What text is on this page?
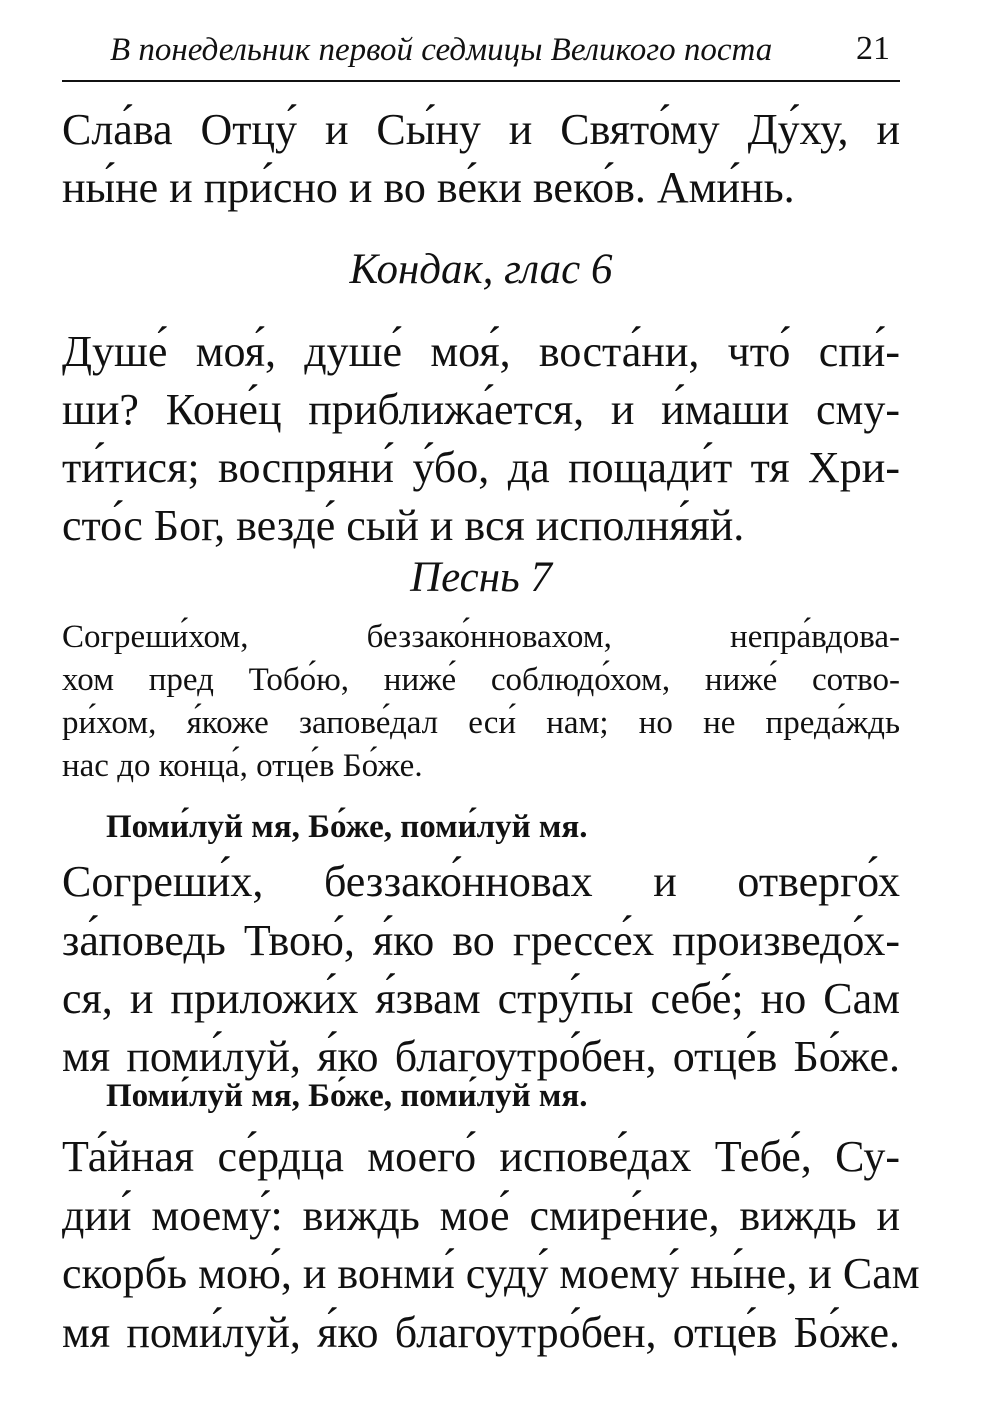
В понедельник первой седмицы Великого поста 21
Сла́ва Отцу́ и Сы́ну и Свято́му Ду́ху, и
ны́не и при́сно и во ве́ки веко́в. Ами́нь.
Кондак, глас 6
Душе́ моя́, душе́ моя́, воста́ни, что́ спи́-
ши? Коне́ц приближа́ется, и и́маши сму-
ти́тися; воспряни́ у́бо, да пощади́т тя Хри-
сто́с Бог, везде́ сый и вся исполня́яй.
Песнь 7
Согреши́хом, беззако́нновахом, непра́вдова-
хом пред Тобо́ю, ниже́ соблюдо́хом, ниже́ сотво-
ри́хом, я́коже запове́дал еси́ нам; но не преда́ждь
нас до конца́, отце́в Бо́же.
Поми́луй мя, Бо́же, поми́луй мя.
Согреши́х, беззако́нновах и отверго́х
за́поведь Твою́, я́ко во грессе́х произведо́х-
ся, и приложи́х я́звам стру́пы себе́; но Сам
мя поми́луй, я́ко благоутро́бен, отце́в Бо́же.
Поми́луй мя, Бо́же, поми́луй мя.
Та́йная се́рдца моего́ испове́дах Тебе́, Су-
дии́ моему́: виждь мое́ смире́ние, виждь и
скорбь мою́, и вонми́ суду́ моему́ ны́не, и Сам
мя поми́луй, я́ко благоутро́бен, отце́в Бо́же.
